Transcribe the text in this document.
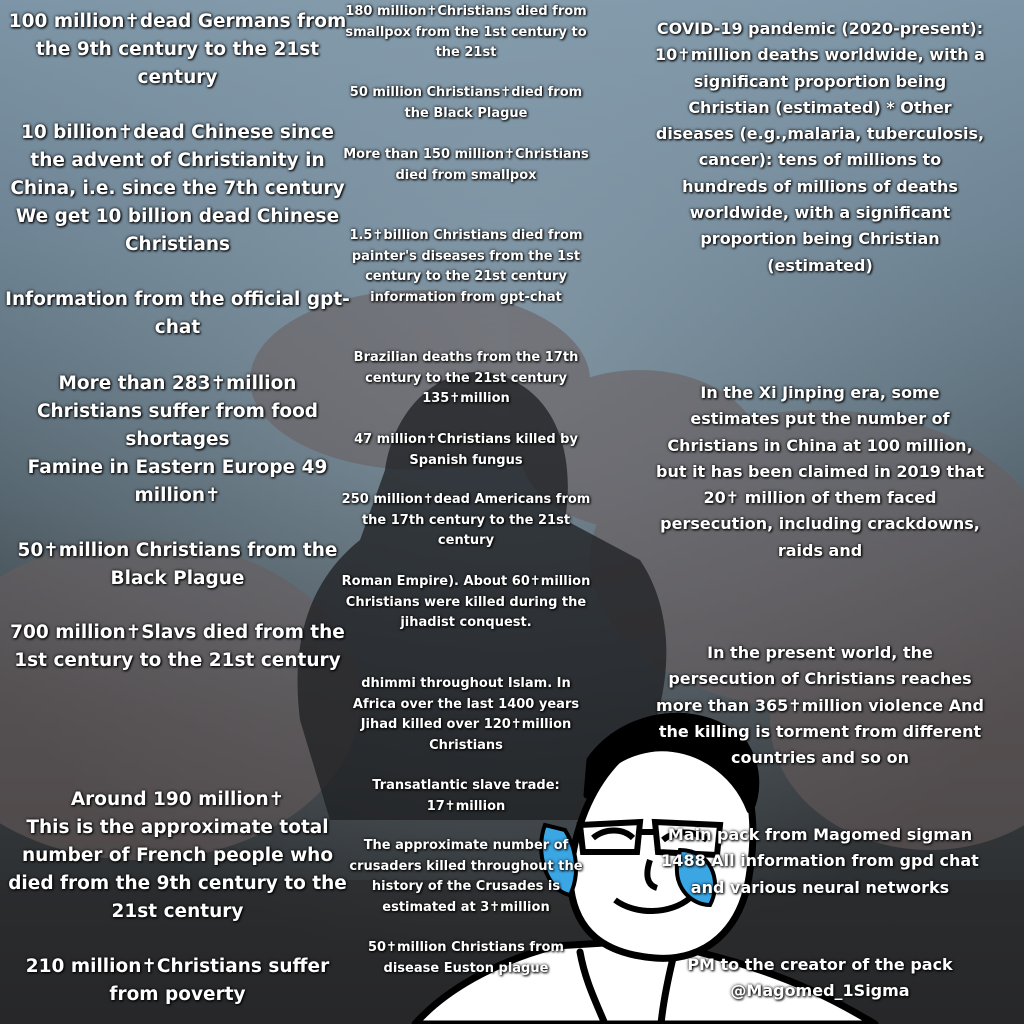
100 million✝dead Germans from the 9th century to the 21st century

10 billion✝dead Chinese since the advent of Christianity in China, i.e. since the 7th century We get 10 billion dead Chinese Christians

Information from the official gpt-chat

More than 283✝million Christians suffer from food shortages

Famine in Eastern Europe 49 million✝

50✝million Christians from the Black Plague

700 million✝Slavs died from the 1st century to the 21st century

Around 190 million✝

This is the approximate total number of French people who died from the 9th century to the 21st century

210 million✝Christians suffer from poverty

180 million✝Christians died from smallpox from the 1st century to the 21st

50 million Christians✝died from the Black Plague

More than 150 million✝Christians died from smallpox

1.5✝billion Christians died from painter's diseases from the 1st century to the 21st century information from gpt-chat

Brazilian deaths from the 17th century to the 21st century 135✝million

47 million✝Christians killed by Spanish fungus

250 million✝dead Americans from the 17th century to the 21st century

Roman Empire). About 60✝million Christians were killed during the jihadist conquest.

dhimmi throughout Islam. In Africa over the last 1400 years Jihad killed over 120✝million Christians

Transatlantic slave trade: 17✝million

The approximate number of crusaders killed throughout the history of the Crusades is estimated at 3✝million

50✝million Christians from disease Euston plague

COVID-19 pandemic (2020-present): 10✝million deaths worldwide, with a significant proportion being Christian (estimated) * Other diseases (e.g.,malaria, tuberculosis, cancer): tens of millions to hundreds of millions of deaths worldwide, with a significant proportion being Christian (estimated)

In the Xi Jinping era, some estimates put the number of Christians in China at 100 million, but it has been claimed in 2019 that 20✝ million of them faced persecution, including crackdowns, raids and

In the present world, the persecution of Christians reaches more than 365✝million violence And the killing is torment from different countries and so on

Main pack from Magomed sigman 1488 All information from gpd chat and various neural networks

PM to the creator of the pack @Magomed_1Sigma
